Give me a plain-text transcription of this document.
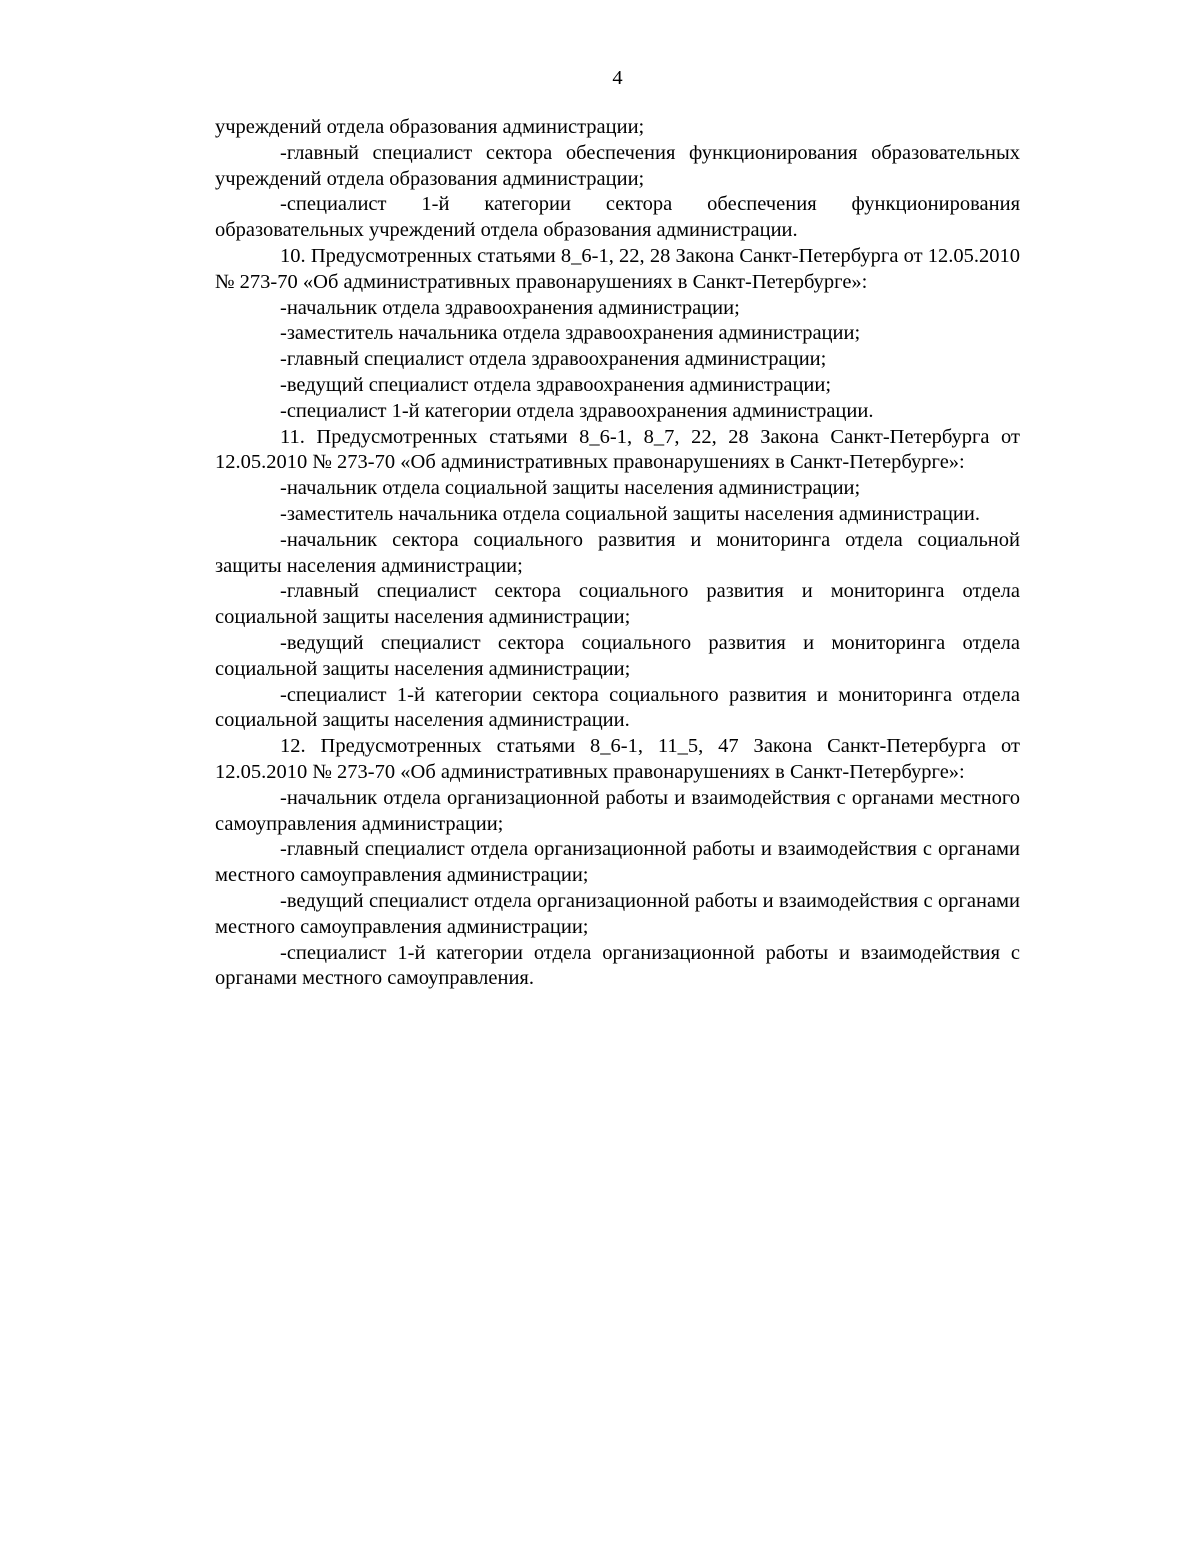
4

учреждений отдела образования администрации;

-главный специалист сектора обеспечения функционирования образовательных учреждений отдела образования администрации;

-специалист 1-й категории сектора обеспечения функционирования образовательных учреждений отдела образования администрации.

10. Предусмотренных статьями 8_6-1, 22, 28 Закона Санкт-Петербурга от 12.05.2010 № 273-70 «Об административных правонарушениях в Санкт-Петербурге»:

-начальник отдела здравоохранения администрации;

-заместитель начальника отдела здравоохранения администрации;

-главный специалист отдела здравоохранения администрации;

-ведущий специалист отдела здравоохранения администрации;

-специалист 1-й категории отдела здравоохранения администрации.

11. Предусмотренных статьями 8_6-1, 8_7, 22, 28 Закона Санкт-Петербурга от 12.05.2010 № 273-70 «Об административных правонарушениях в Санкт-Петербурге»:

-начальник отдела социальной защиты населения администрации;

-заместитель начальника отдела социальной защиты населения администрации.

-начальник сектора социального развития и мониторинга отдела социальной защиты населения администрации;

-главный специалист сектора социального развития и мониторинга отдела социальной защиты населения администрации;

-ведущий специалист сектора социального развития и мониторинга отдела социальной защиты населения администрации;

-специалист 1-й категории сектора социального развития и мониторинга отдела социальной защиты населения администрации.

12. Предусмотренных статьями 8_6-1, 11_5, 47 Закона Санкт-Петербурга от 12.05.2010 № 273-70 «Об административных правонарушениях в Санкт-Петербурге»:

-начальник отдела организационной работы и взаимодействия с органами местного самоуправления администрации;

-главный специалист отдела организационной работы и взаимодействия с органами местного самоуправления администрации;

-ведущий специалист отдела организационной работы и взаимодействия с органами местного самоуправления администрации;

-специалист 1-й категории отдела организационной работы и взаимодействия с органами местного самоуправления.
